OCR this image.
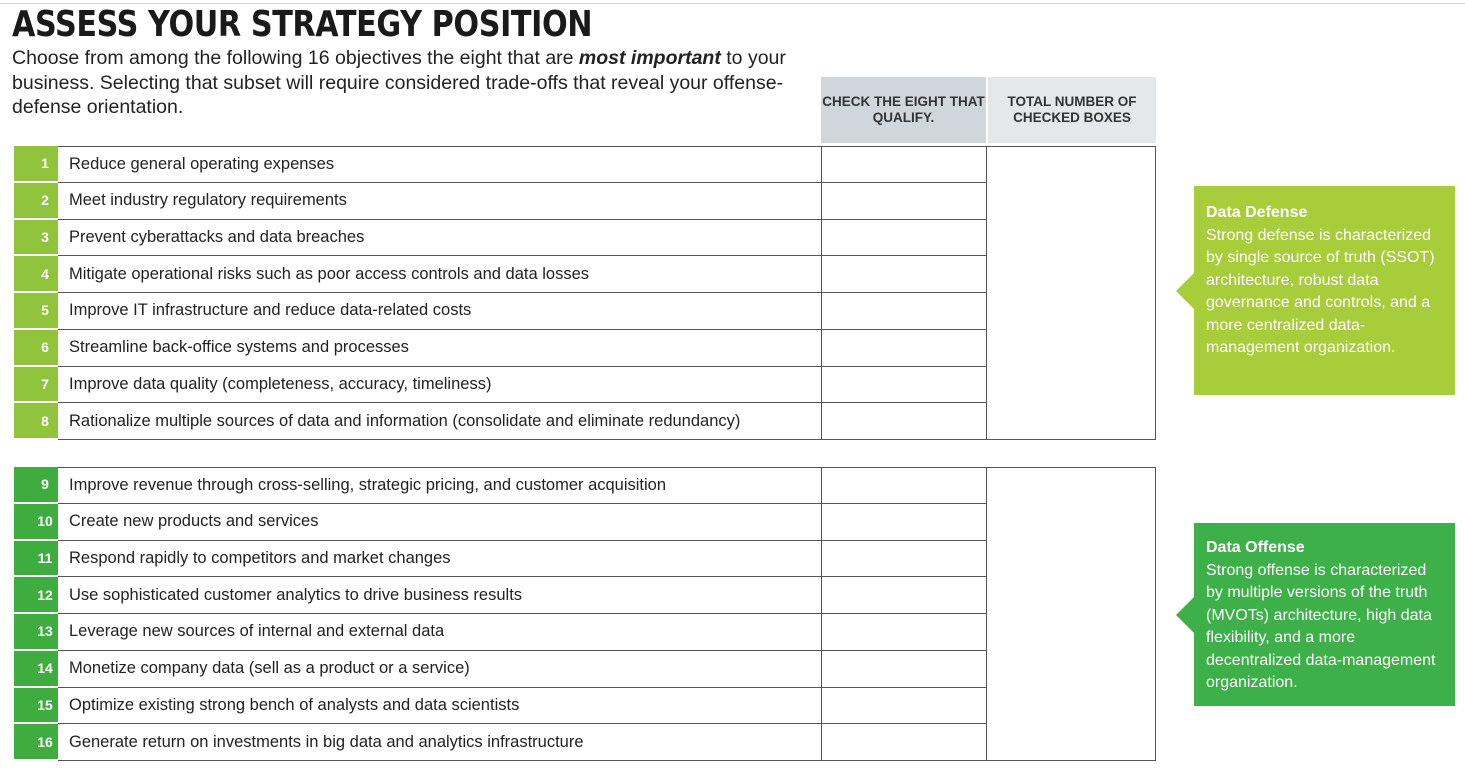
ASSESS YOUR STRATEGY POSITION

Choose from among the following 16 objectives the eight that are most important to your business. Selecting that subset will require considered trade-offs that reveal your offense-defense orientation.	CHECK THE EIGHT THAT QUALIFY.
TOTAL NUMBER OF CHECKED BOXES
1	Reduce general operating expenses
2	Meet industry regulatory requirements
3	Prevent cyberattacks and data breaches
4	Mitigate operational risks such as poor access controls and data losses
5	Improve IT infrastructure and reduce data-related costs
6	Streamline back-office systems and processes
7	Improve data quality (completeness, accuracy, timeliness)
8	Rationalize multiple sources of data and information (consolidate and eliminate redundancy)
9	Improve revenue through cross-selling, strategic pricing, and customer acquisition
10 Create new products and services
11	Respond rapidly to competitors and market changes
12 Use sophisticated customer analytics to drive business results
13 Leverage new sources of internal and external data
14 Monetize company data (sell as a product or a service)
15 Optimize existing strong bench of analysts and data scientists
16 Generate return on investments in big data and analytics infrastructure
Data Defense
Strong defense is characterized by single source of truth (SSOT) architecture, robust data governance and controls, and a more centralized data-management organization.
Data Offense
Strong offense is characterized by multiple versions of the truth (MVOTs) architecture, high data flexibility, and a more decentralized data-management organization.
